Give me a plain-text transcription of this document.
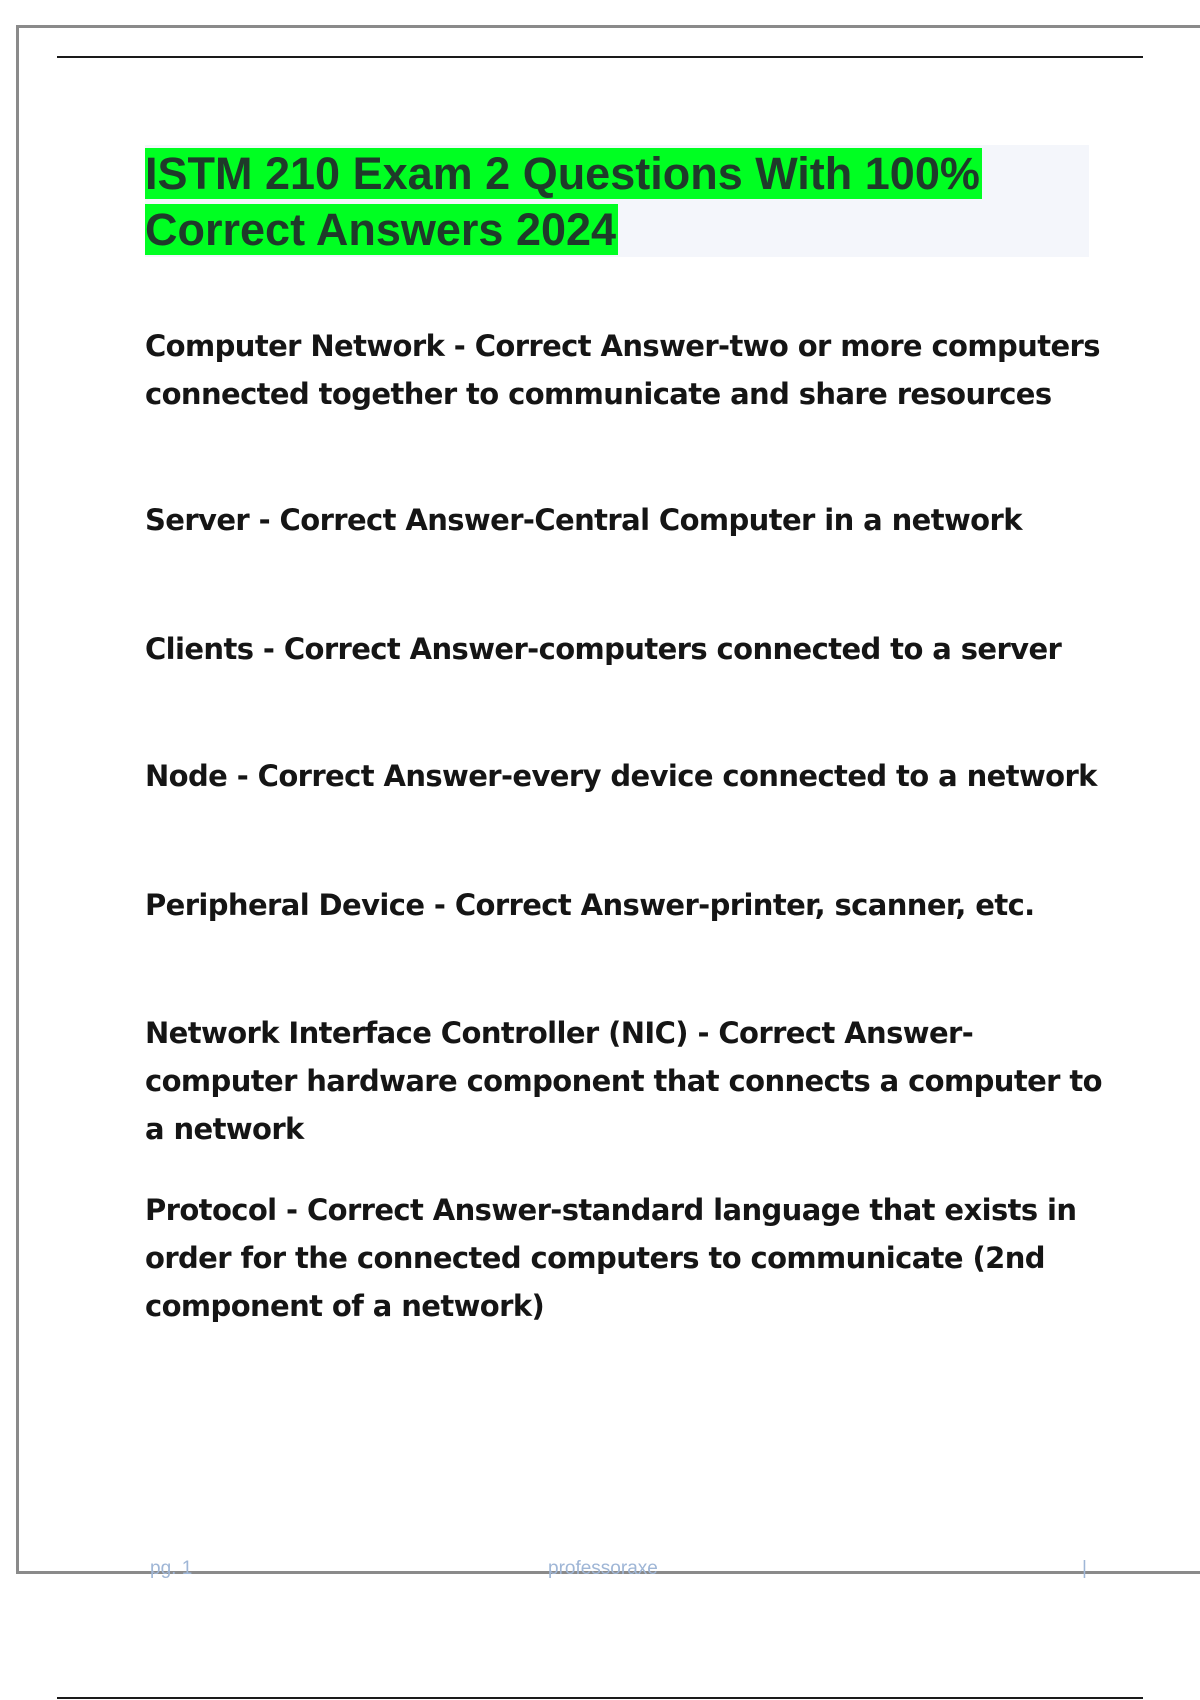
ISTM 210 Exam 2 Questions With 100% Correct Answers 2024

Computer Network - Correct Answer-two or more computers connected together to communicate and share resources

Server - Correct Answer-Central Computer in a network

Clients - Correct Answer-computers connected to a server

Node - Correct Answer-every device connected to a network

Peripheral Device - Correct Answer-printer, scanner, etc.

Network Interface Controller (NIC) - Correct Answer-computer hardware component that connects a computer to a network

Protocol - Correct Answer-standard language that exists in order for the connected computers to communicate (2nd component of a network)

pg. 1	professoraxe	|
